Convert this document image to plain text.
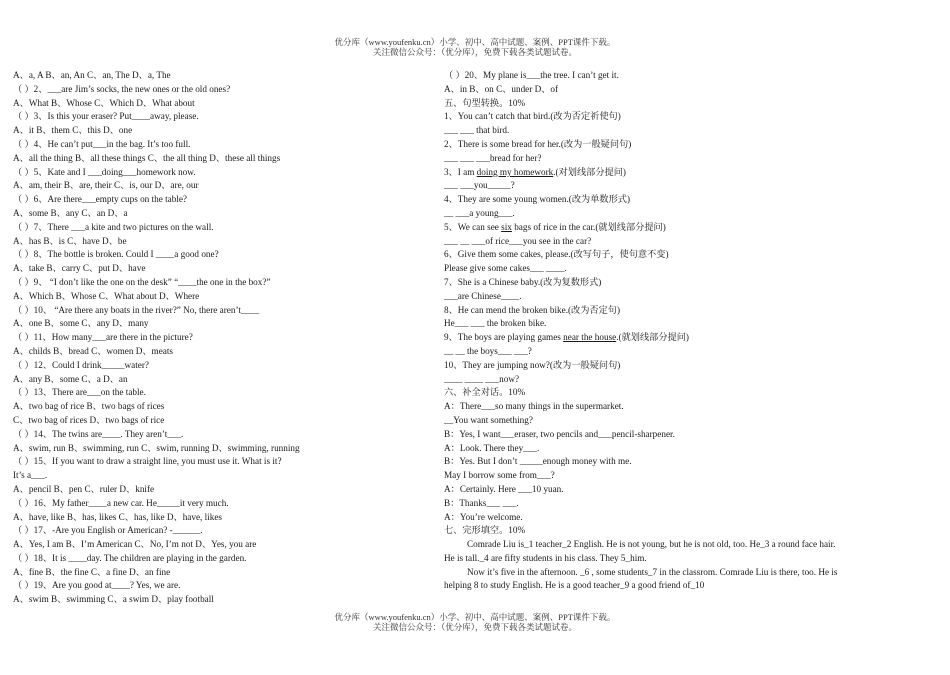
优分库（www.youfenku.cn）小学、初中、高中试题、案例、PPT课件下载。
关注微信公众号：（优分库），免费下载各类试题试卷。
A、a, A B、an, An C、an, The D、a, The
（ ）2、___are Jim’s socks, the new ones or the old ones?
A、What B、Whose C、Which D、What about
（ ）3、Is this your eraser? Put____away, please.
A、it B、them C、this D、one
（ ）4、He can’t put___in the bag. It’s too full.
A、all the thing B、all these things C、the all thing D、these all things
（ ）5、Kate and I ___doing___homework now.
A、am, their B、are, their C、is, our D、are, our
（ ）6、Are there___empty cups on the table?
A、some B、any C、an D、a
（ ）7、There ___a kite and two pictures on the wall.
A、has B、is C、have D、be
（ ）8、The bottle is broken. Could I ____a good one?
A、take B、carry C、put D、have
（ ）9、 “I don’t like the one on the desk” “____the one in the box?”
A、Which B、Whose C、What about D、Where
（ ）10、 “Are there any boats in the river?” No, there aren’t____
A、one B、some C、any D、many
（ ）11、How many___are there in the picture?
A、childs B、bread C、women D、meats
（ ）12、Could I drink_____water?
A、any B、some C、a D、an
（ ）13、There are___on the table.
A、two bag of rice B、two bags of rices
C、two bag of rices D、two bags of rice
（ ）14、The twins are____. They aren’t___.
A、swim, run B、swimming, run C、swim, running D、swimming, running
（ ）15、If you want to draw a straight line, you must use it. What is it?
It’s a___.
A、pencil B、pen C、ruler D、knife
（ ）16、My father____a new car. He_____it very much.
A、have, like B、has, likes C、has, like D、have, likes
（ ）17、-Are you English or American? -______.
A、Yes, I am B、I’m American C、No, I’m not D、Yes, you are
（ ）18、It is ____day. The children are playing in the garden.
A、fine B、the fine C、a fine D、an fine
（ ）19、Are you good at____? Yes, we are.
A、swim B、swimming C、a swim D、play football
（ ）20、My plane is___the tree. I can’t get it.
A、in B、on C、under D、of
五、句型转换。10%
1、You can’t catch that bird.(改为否定祈使句)
___ ___ that bird.
2、There is some bread for her.(改为一般疑问句)
___ ___ ___bread for her?
3、I am doing my homework.(对划线部分提问)
___ ___you_____?
4、They are some young women.(改为单数形式)
__ ___a young___.
5、We can see six bags of rice in the car.(就划线部分提问)
___ __ ___of rice___you see in the car?
6、Give them some cakes, please.(改写句子，使句意不变)
Please give some cakes___ ____.
7、She is a Chinese baby.(改为复数形式)
___are Chinese____.
8、He can mend the broken bike.(改为否定句)
He___ ___ the broken bike.
9、The boys are playing games near the house.(就划线部分提问)
__ __ the boys___ ___?
10、They are jumping now?(改为一般疑问句)
____ ____ ___now?
六、补全对话。10%
A：There___so many things in the supermarket.
__You want something?
B：Yes, I want___eraser, two pencils and___pencil-sharpener.
A：Look. There they___.
B：Yes. But I don’t _____enough money with me.
May I borrow some from___?
A：Certainly. Here ___10 yuan.
B：Thanks___ ___.
A：You’re welcome.
七、完形填空。10%
Comrade Liu is_1 teacher_2 English. He is not young, but he is not old, too. He_3 a round face hair. He is tall._4 are fifty students in his class. They 5_him.
Now it’s five in the afternoon. _6 , some students_7 in the classrom. Comrade Liu is there, too. He is helping 8 to study English. He is a good teacher_9 a good friend of_10
优分库（www.youfenku.cn）小学、初中、高中试题、案例、PPT课件下载。
关注微信公众号：（优分库），免费下载各类试题试卷。
